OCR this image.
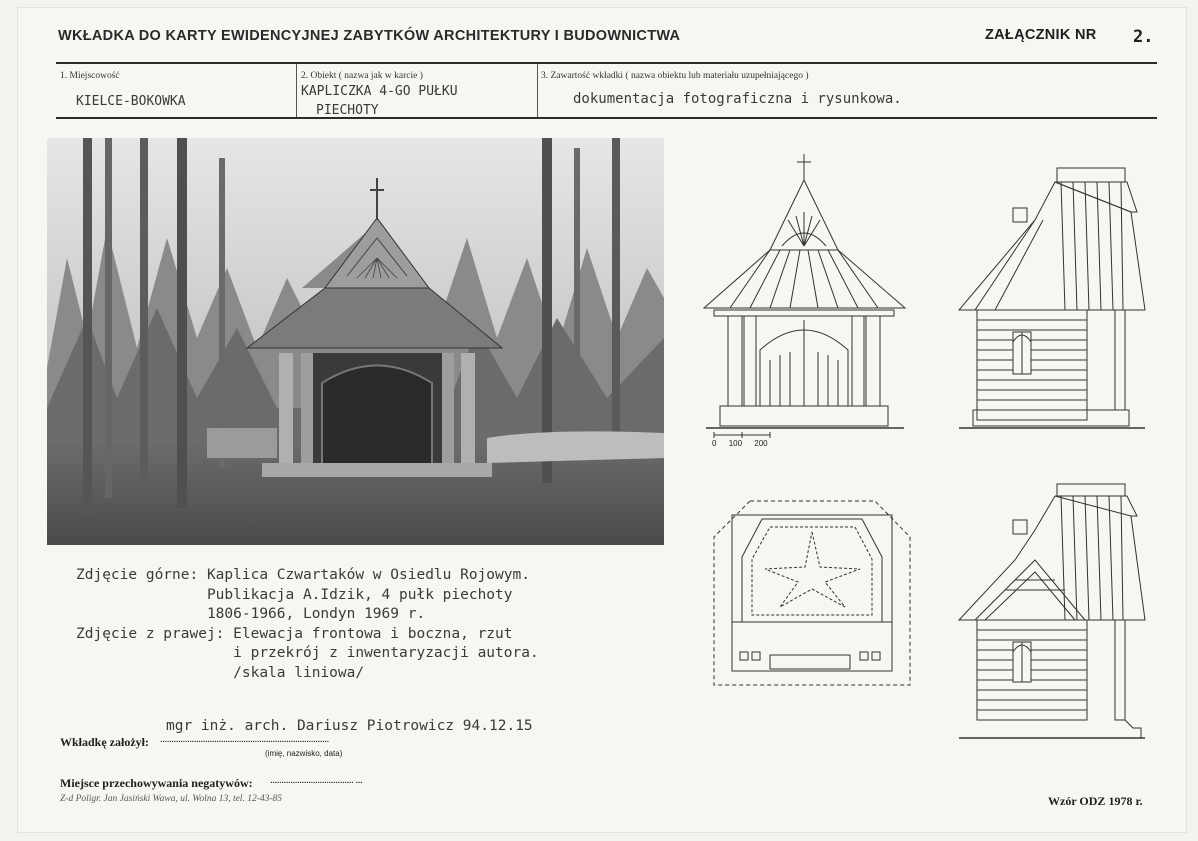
WKŁADKA DO KARTY EWIDENCYJNEJ ZABYTKÓW ARCHITEKTURY I BUDOWNICTWA	ZAŁĄCZNIK NR 2.
1. Miejscowość
KIELCE-BOKOWKA
2. Obiekt ( nazwa jak w karcie )
KAPLICZKA 4-GO PUŁKU
PIECHOTY
3. Zawartość wkładki ( nazwa obiektu lub materiału uzupełniającego )
dokumentacja fotograficzna i rysunkowa.
0 100 200
Zdjęcie górne: Kaplica Czwartaków w Osiedlu Rojowym.
Publikacja A.Idzik, 4 pułk piechoty
1806-1966, Londyn 1969 r.
Zdjęcie z prawej: Elewacja frontowa i boczna, rzut
i przekrój z inwentaryzacji autora.
/skala liniowa/
mgr inż. arch. Dariusz Piotrowicz 94.12.15
Wkładkę założył: ...........................................................................
(imię, nazwisko, data)
Miejsce przechowywania negatywów: ..................................... ...
Z-d Poligr. Jan Jasiński Wawa, ul. Wolna 13, tel. 12-43-85	Wzór ODZ 1978 r.
